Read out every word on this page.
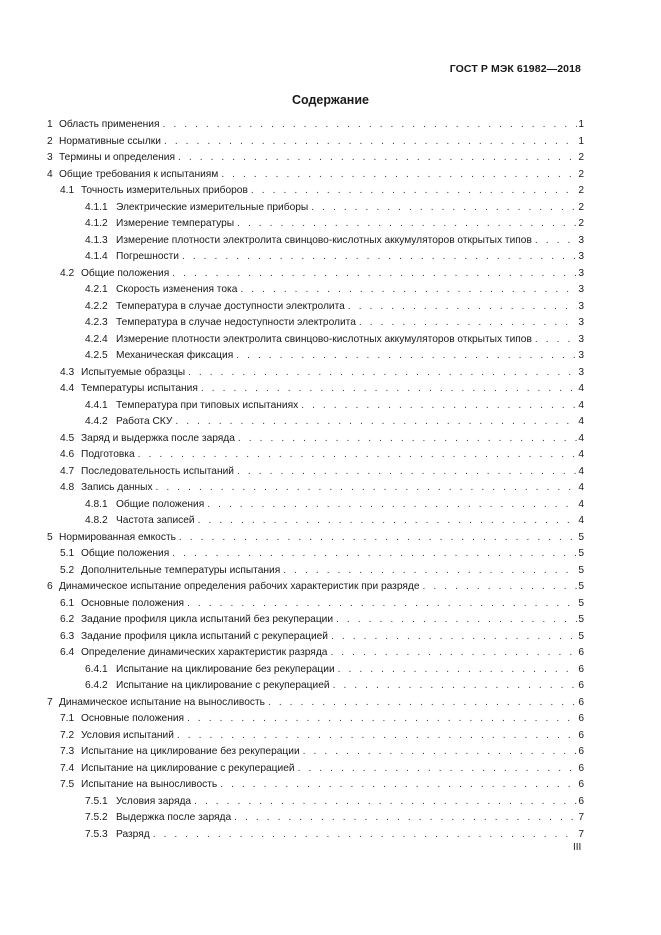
ГОСТ Р МЭК 61982—2018
Содержание
1 Область применения . . .	1
2 Нормативные ссылки . . .	1
3 Термины и определения . . .	2
4 Общие требования к испытаниям . . .	2
4.1 Точность измерительных приборов . . .	2
4.1.1 Электрические измерительные приборы . . .	2
4.1.2 Измерение температуры . . .	2
4.1.3 Измерение плотности электролита свинцово-кислотных аккумуляторов открытых типов . . .	3
4.1.4 Погрешности . . .	3
4.2 Общие положения . . .	3
4.2.1 Скорость изменения тока . . .	3
4.2.2 Температура в случае доступности электролита . . .	3
4.2.3 Температура в случае недоступности электролита . . .	3
4.2.4 Измерение плотности электролита свинцово-кислотных аккумуляторов открытых типов . . .	3
4.2.5 Механическая фиксация . . .	3
4.3 Испытуемые образцы . . .	3
4.4 Температуры испытания . . .	4
4.4.1 Температура при типовых испытаниях . . .	4
4.4.2 Работа СКУ . . .	4
4.5 Заряд и выдержка после заряда . . .	4
4.6 Подготовка . . .	4
4.7 Последовательность испытаний . . .	4
4.8 Запись данных . . .	4
4.8.1 Общие положения . . .	4
4.8.2 Частота записей . . .	4
5 Нормированная емкость . . .	5
5.1 Общие положения . . .	5
5.2 Дополнительные температуры испытания . . .	5
6 Динамическое испытание определения рабочих характеристик при разряде . . .	5
6.1 Основные положения . . .	5
6.2 Задание профиля цикла испытаний без рекуперации . . .	5
6.3 Задание профиля цикла испытаний с рекуперацией . . .	5
6.4 Определение динамических характеристик разряда . . .	6
6.4.1 Испытание на циклирование без рекуперации . . .	6
6.4.2 Испытание на циклирование с рекуперацией . . .	6
7 Динамическое испытание на выносливость . . .	6
7.1 Основные положения . . .	6
7.2 Условия испытаний . . .	6
7.3 Испытание на циклирование без рекуперации . . .	6
7.4 Испытание на циклирование с рекуперацией . . .	6
7.5 Испытание на выносливость . . .	6
7.5.1 Условия заряда . . .	6
7.5.2 Выдержка после заряда . . .	7
7.5.3 Разряд . . .	7
III
